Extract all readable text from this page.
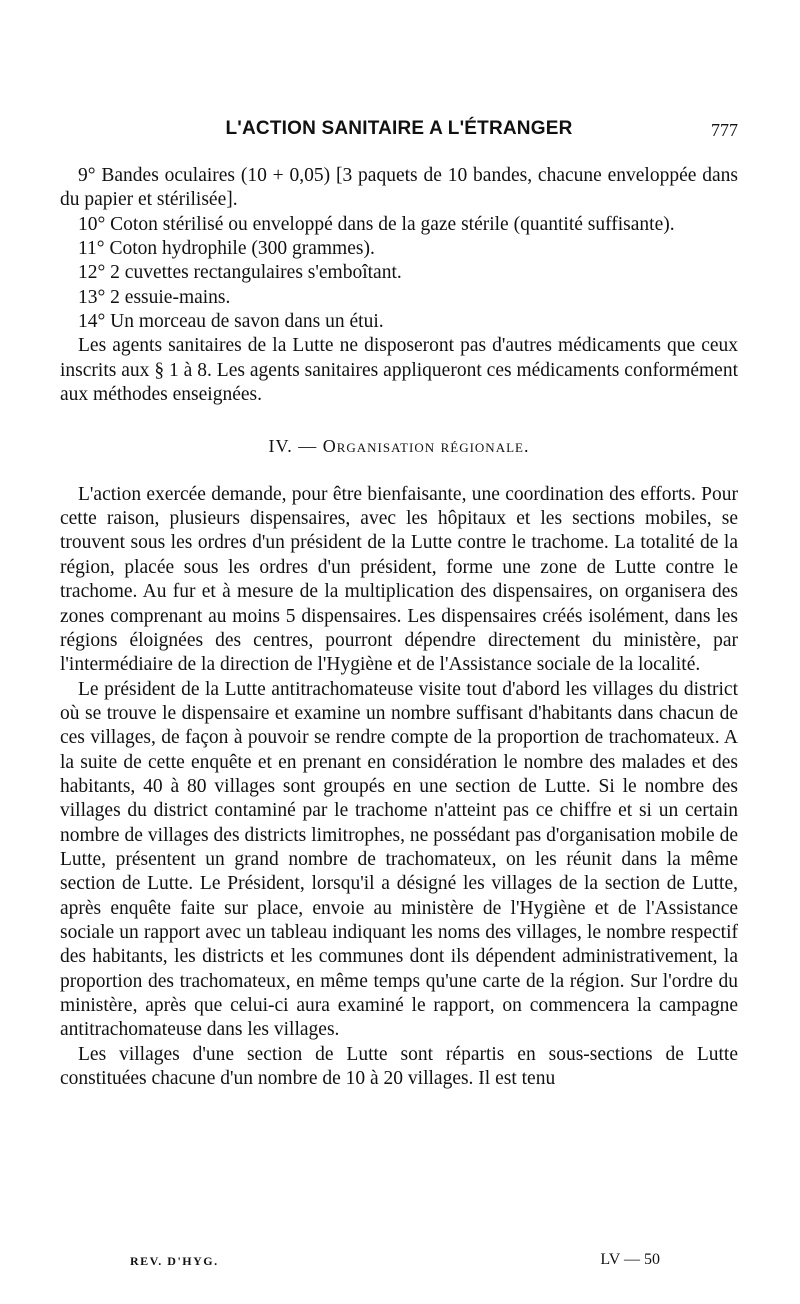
L'ACTION SANITAIRE A L'ÉTRANGER	777

9° Bandes oculaires (10 + 0,05) [3 paquets de 10 bandes, chacune enveloppée dans du papier et stérilisée].

10° Coton stérilisé ou enveloppé dans de la gaze stérile (quantité suffisante).

11° Coton hydrophile (300 grammes).

12° 2 cuvettes rectangulaires s'emboîtant.

13° 2 essuie-mains.

14° Un morceau de savon dans un étui.

Les agents sanitaires de la Lutte ne disposeront pas d'autres médicaments que ceux inscrits aux § 1 à 8. Les agents sanitaires appliqueront ces médicaments conformément aux méthodes enseignées.

IV. — Organisation régionale.

L'action exercée demande, pour être bienfaisante, une coordination des efforts. Pour cette raison, plusieurs dispensaires, avec les hôpitaux et les sections mobiles, se trouvent sous les ordres d'un président de la Lutte contre le trachome. La totalité de la région, placée sous les ordres d'un président, forme une zone de Lutte contre le trachome. Au fur et à mesure de la multiplication des dispensaires, on organisera des zones comprenant au moins 5 dispensaires. Les dispensaires créés isolément, dans les régions éloignées des centres, pourront dépendre directement du ministère, par l'intermédiaire de la direction de l'Hygiène et de l'Assistance sociale de la localité.

Le président de la Lutte antitrachomateuse visite tout d'abord les villages du district où se trouve le dispensaire et examine un nombre suffisant d'habitants dans chacun de ces villages, de façon à pouvoir se rendre compte de la proportion de trachomateux. A la suite de cette enquête et en prenant en considération le nombre des malades et des habitants, 40 à 80 villages sont groupés en une section de Lutte. Si le nombre des villages du district contaminé par le trachome n'atteint pas ce chiffre et si un certain nombre de villages des districts limitrophes, ne possédant pas d'organisation mobile de Lutte, présentent un grand nombre de trachomateux, on les réunit dans la même section de Lutte. Le Président, lorsqu'il a désigné les villages de la section de Lutte, après enquête faite sur place, envoie au ministère de l'Hygiène et de l'Assistance sociale un rapport avec un tableau indiquant les noms des villages, le nombre respectif des habitants, les districts et les communes dont ils dépendent administrativement, la proportion des trachomateux, en même temps qu'une carte de la région. Sur l'ordre du ministère, après que celui-ci aura examiné le rapport, on commencera la campagne antitrachomateuse dans les villages.

Les villages d'une section de Lutte sont répartis en sous-sections de Lutte constituées chacune d'un nombre de 10 à 20 villages. Il est tenu

REV. D'HYG.	LV — 50
